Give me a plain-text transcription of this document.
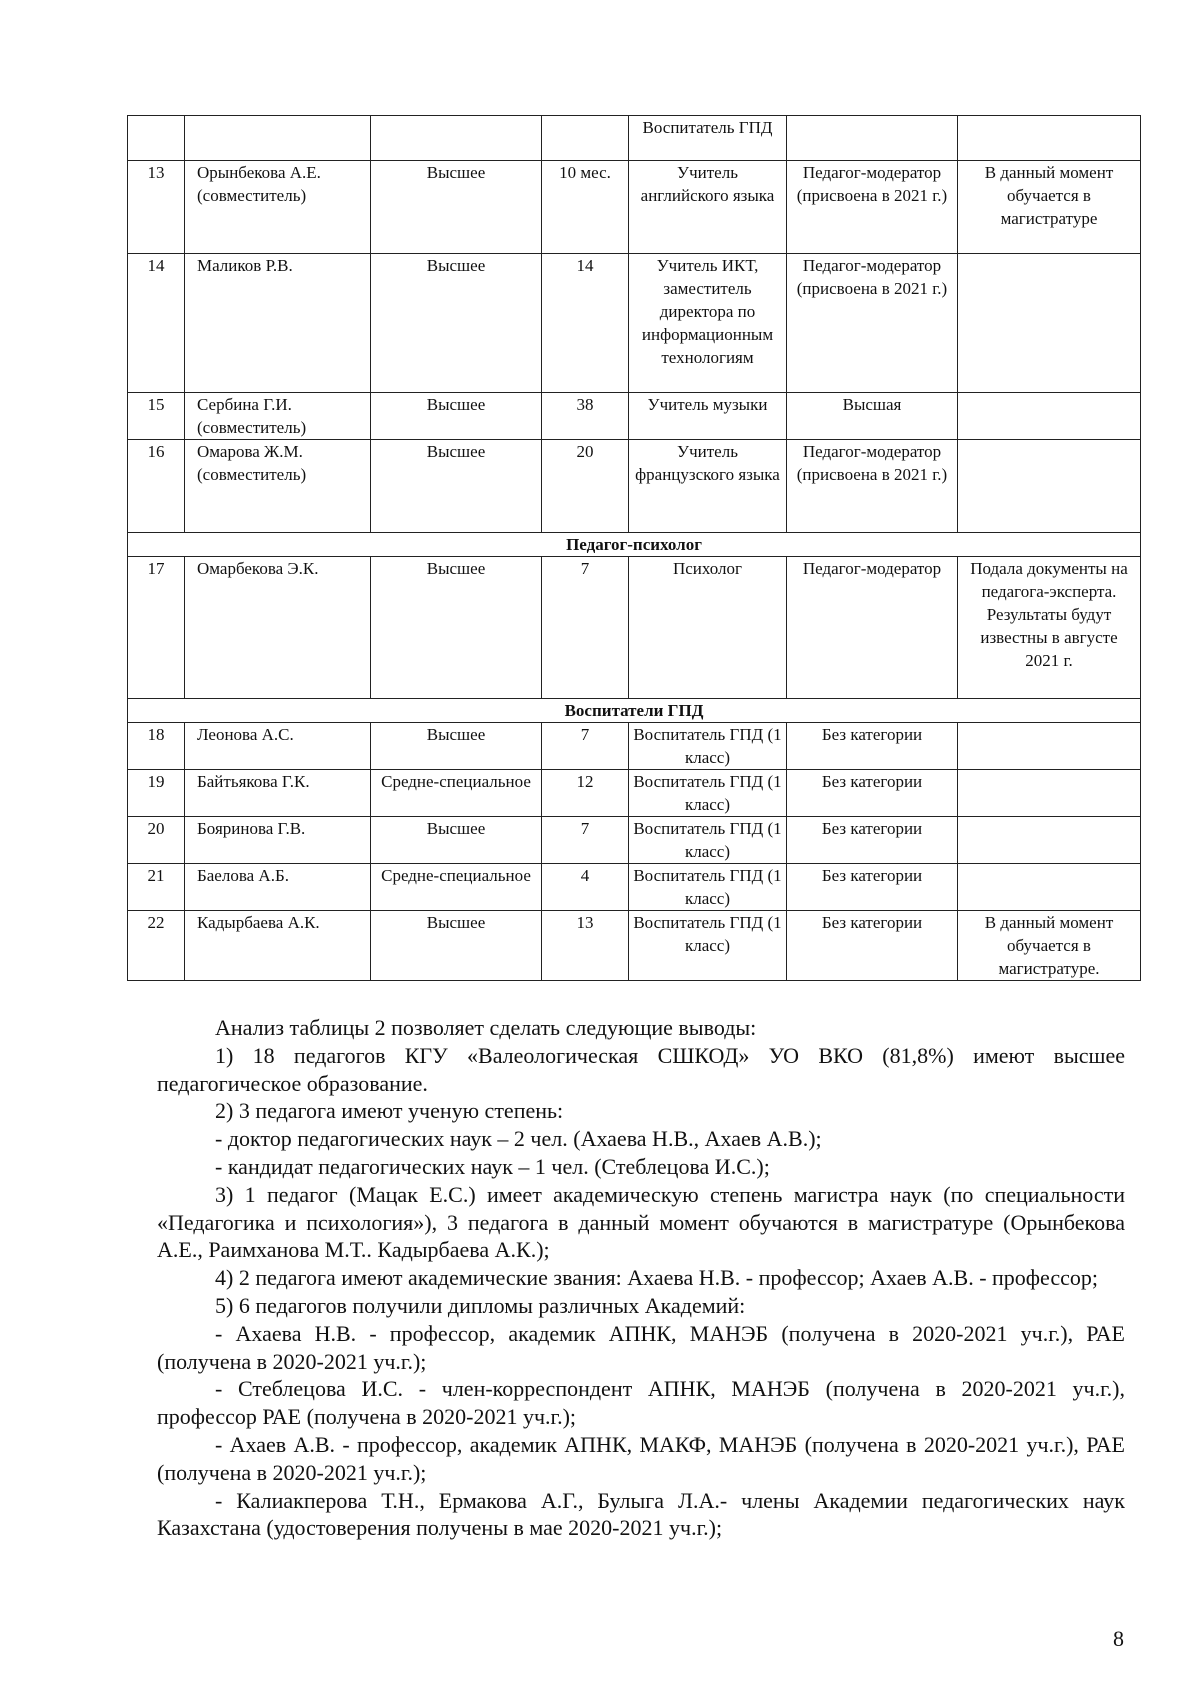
				Воспитатель ГПД		
13	Орынбекова А.Е. (совместитель)	Высшее	10 мес.	Учитель английского языка	Педагог-модератор (присвоена в 2021 г.)	В данный момент обучается в магистратуре
14	Маликов Р.В.	Высшее	14	Учитель ИКТ, заместитель директора по информационным технологиям	Педагог-модератор (присвоена в 2021 г.)	
15	Сербина Г.И. (совместитель)	Высшее	38	Учитель музыки	Высшая	
16	Омарова Ж.М. (совместитель)	Высшее	20	Учитель французского языка	Педагог-модератор (присвоена в 2021 г.)	
Педагог-психолог						
17	Омарбекова Э.К.	Высшее	7	Психолог	Педагог-модератор	Подала документы на педагога-эксперта. Результаты будут известны в августе 2021 г.
Воспитатели ГПД						
18	Леонова А.С.	Высшее	7	Воспитатель ГПД (1 класс)	Без категории	
19	Байтьякова Г.К.	Средне-специальное	12	Воспитатель ГПД (1 класс)	Без категории	
20	Бояринова Г.В.	Высшее	7	Воспитатель ГПД (1 класс)	Без категории	
21	Баелова А.Б.	Средне-специальное	4	Воспитатель ГПД (1 класс)	Без категории	
22	Кадырбаева А.К.	Высшее	13	Воспитатель ГПД (1 класс)	Без категории	В данный момент обучается в магистратуре.

Анализ таблицы 2 позволяет сделать следующие выводы:

1) 18 педагогов КГУ «Валеологическая СШКОД» УО ВКО (81,8%) имеют высшее педагогическое образование.

2) 3 педагога имеют ученую степень:

- доктор педагогических наук – 2 чел. (Ахаева Н.В., Ахаев А.В.);

- кандидат педагогических наук – 1 чел. (Стеблецова И.С.);

3) 1 педагог (Мацак Е.С.) имеет академическую степень магистра наук (по специальности «Педагогика и психология»), 3 педагога в данный момент обучаются в магистратуре (Орынбекова А.Е., Раимханова М.Т.. Кадырбаева А.К.);

4) 2 педагога имеют академические звания: Ахаева Н.В. - профессор; Ахаев А.В. - профессор;

5) 6 педагогов получили дипломы различных Академий:

- Ахаева Н.В. - профессор, академик АПНК, МАНЭБ (получена в 2020-2021 уч.г.), РАЕ (получена в 2020-2021 уч.г.);

- Стеблецова И.С. - член-корреспондент АПНК, МАНЭБ (получена в 2020-2021 уч.г.), профессор РАЕ (получена в 2020-2021 уч.г.);

- Ахаев А.В. - профессор, академик АПНК, МАКФ, МАНЭБ (получена в 2020-2021 уч.г.), РАЕ (получена в 2020-2021 уч.г.);

- Калиакперова Т.Н., Ермакова А.Г., Булыга Л.А.- члены Академии педагогических наук Казахстана (удостоверения получены в мае 2020-2021 уч.г.);

8
